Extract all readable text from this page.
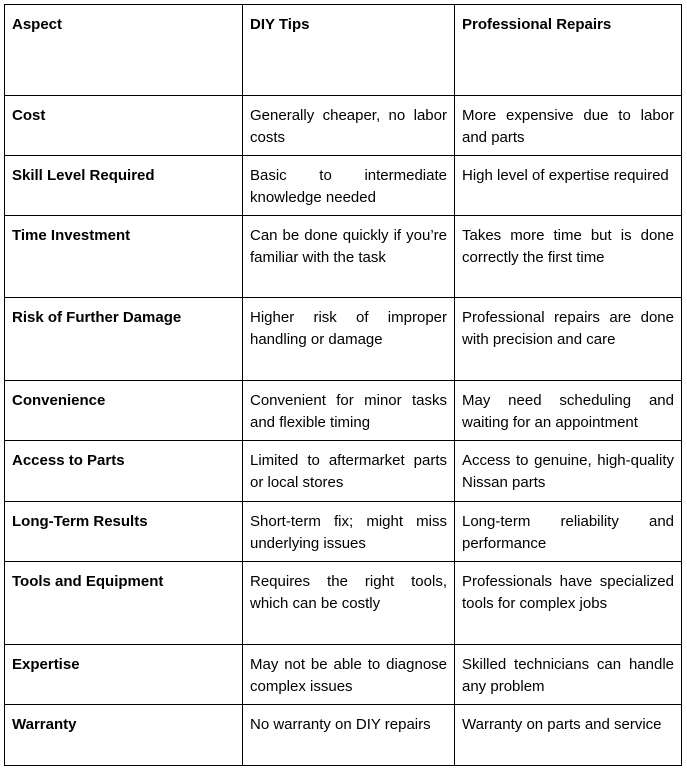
Aspect	DIY Tips	Professional Repairs
Cost	Generally cheaper, no labor costs	More expensive due to labor and parts
Skill Level Required	Basic to intermediate knowledge needed	High level of expertise required
Time Investment	Can be done quickly if you’re familiar with the task	Takes more time but is done correctly the first time
Risk of Further Damage	Higher risk of improper handling or damage	Professional repairs are done with precision and care
Convenience	Convenient for minor tasks and flexible timing	May need scheduling and waiting for an appointment
Access to Parts	Limited to aftermarket parts or local stores	Access to genuine, high-quality Nissan parts
Long-Term Results	Short-term fix; might miss underlying issues	Long-term reliability and performance
Tools and Equipment	Requires the right tools, which can be costly	Professionals have specialized tools for complex jobs
Expertise	May not be able to diagnose complex issues	Skilled technicians can handle any problem
Warranty	No warranty on DIY repairs	Warranty on parts and service
